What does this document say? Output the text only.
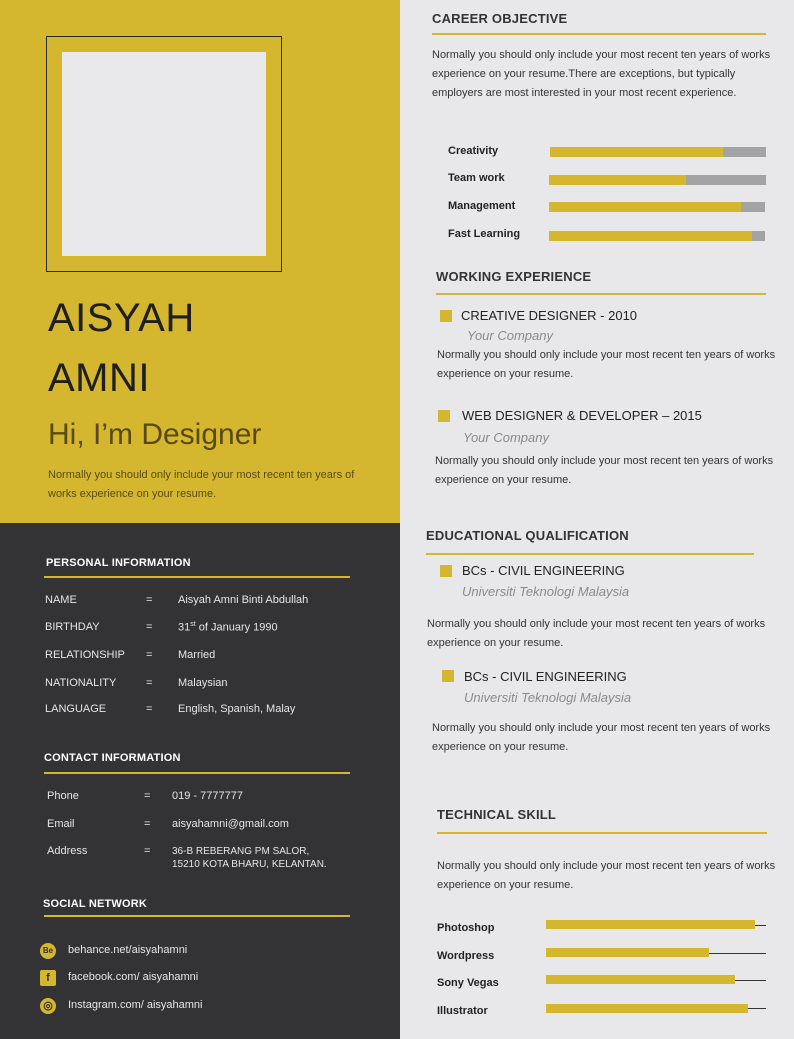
AISYAH
AMNI
Hi, I’m Designer
Normally you should only include your most recent ten years of works experience on your resume.
PERSONAL INFORMATION
NAME	= Aisyah Amni Binti Abdullah
BIRTHDAY	= 31st of January 1990
RELATIONSHIP = Married
NATIONALITY	= Malaysian
LANGUAGE	= English, Spanish, Malay
CONTACT INFORMATION
Phone	= 019 - 7777777
Email	= aisyahamni@gmail.com
Address	= 36-B REBERANG PM SALOR,
15210 KOTA BHARU, KELANTAN.
SOCIAL NETWORK
Be behance.net/aisyahamni
f	facebook.com/ aisyahamni
◎ Instagram.com/ aisyahamni
CAREER OBJECTIVE
Normally you should only include your most recent ten years of works experience on your resume.There are exceptions, but typically employers are most interested in your most recent experience.
Creativity
Team work
Management
Fast Learning
WORKING EXPERIENCE
CREATIVE DESIGNER - 2010
Your Company
Normally you should only include your most recent ten years of works experience on your resume.
WEB DESIGNER & DEVELOPER – 2015
Your Company
Normally you should only include your most recent ten years of works experience on your resume.
EDUCATIONAL QUALIFICATION
BCs - CIVIL ENGINEERING
Universiti Teknologi Malaysia
Normally you should only include your most recent ten years of works experience on your resume.
BCs - CIVIL ENGINEERING
Universiti Teknologi Malaysia
Normally you should only include your most recent ten years of works experience on your resume.
TECHNICAL SKILL
Normally you should only include your most recent ten years of works experience on your resume.
Photoshop
Wordpress
Sony Vegas
Illustrator
